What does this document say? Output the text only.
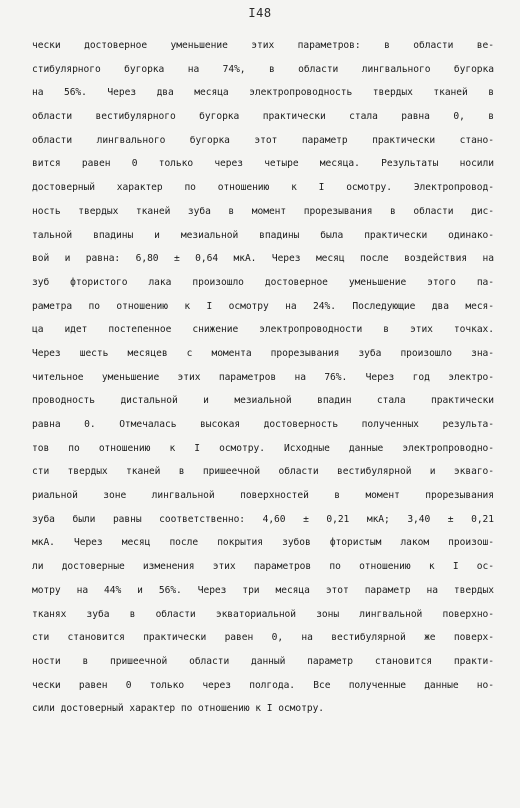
I48
чески достоверное уменьшение этих параметров: в области ве-
стибулярного бугорка на 74%, в области лингвального бугорка
на 56%. Через два месяца электропроводность твердых тканей в
области вестибулярного бугорка практически стала равна 0, в
области лингвального бугорка этот параметр практически стано-
вится равен 0 только через четыре месяца. Результаты носили
достоверный характер по отношению к I осмотру. Электропровод-
ность твердых тканей зуба в момент прорезывания в области дис-
тальной впадины и мезиальной впадины была практически одинако-
вой и равна: 6,80 ± 0,64 мкА. Через месяц после воздействия на
зуб фтористого лака произошло достоверное уменьшение этого па-
раметра по отношению к I осмотру на 24%. Последующие два меся-
ца идет постепенное снижение электропроводности в этих точках.
Через шесть месяцев с момента прорезывания зуба произошло зна-
чительное уменьшение этих параметров на 76%. Через год электро-
проводность дистальной и мезиальной впадин стала практически
равна 0. Отмечалась высокая достоверность полученных результа-
тов по отношению к I осмотру. Исходные данные электропроводно-
сти твердых тканей в пришеечной области вестибулярной и экваго-
риальной зоне лингвальной поверхностей в момент прорезывания
зуба были равны соответственно: 4,60 ± 0,21 мкА; 3,40 ± 0,21
мкА. Через месяц после покрытия зубов фтористым лаком произош-
ли достоверные изменения этих параметров по отношению к I ос-
мотру на 44% и 56%. Через три месяца этот параметр на твердых
тканях зуба в области экваториальной зоны лингвальной поверхно-
сти становится практически равен 0, на вестибулярной же поверх-
ности в пришеечной области данный параметр становится практи-
чески равен 0 только через полгода. Все полученные данные но-
сили достоверный характер по отношению к I осмотру.
